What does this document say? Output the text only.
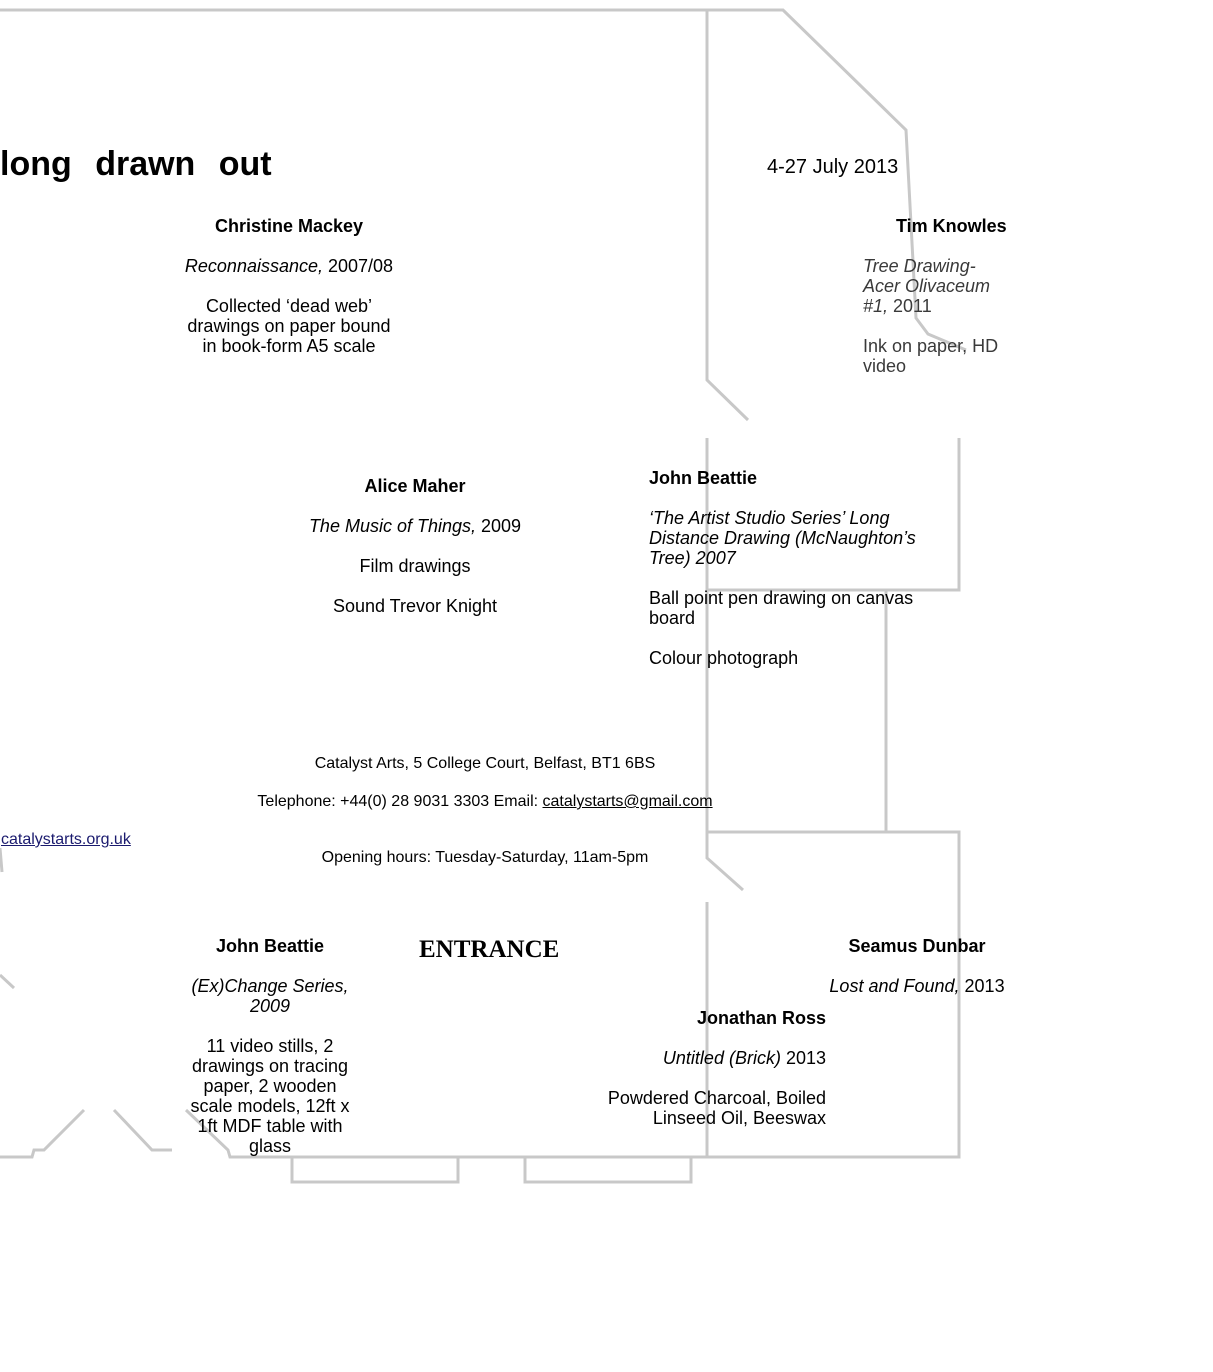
long drawn out	4-27 July 2013
Christine Mackey
Reconnaissance, 2007/08
Collected ‘dead web’
drawings on paper bound
in book-form A5 scale
Tim Knowles
Tree Drawing-
Acer Olivaceum
#1, 2011
Ink on paper, HD
video
Alice Maher
The Music of Things, 2009
Film drawings
Sound Trevor Knight
John Beattie
‘The Artist Studio Series’ Long
Distance Drawing (McNaughton’s
Tree) 2007
Ball point pen drawing on canvas
board
Colour photograph
Catalyst Arts, 5 College Court, Belfast, BT1 6BS
Telephone: +44(0) 28 9031 3303 Email: catalystarts@gmail.com
catalystarts.org.uk
Opening hours: Tuesday-Saturday, 11am-5pm
ENTRANCE
John Beattie
(Ex)Change Series,
2009
11 video stills, 2
drawings on tracing
paper, 2 wooden
scale models, 12ft x
1ft MDF table with
glass
Seamus Dunbar
Lost and Found, 2013
Jonathan Ross
Untitled (Brick) 2013
Powdered Charcoal, Boiled
Linseed Oil, Beeswax
